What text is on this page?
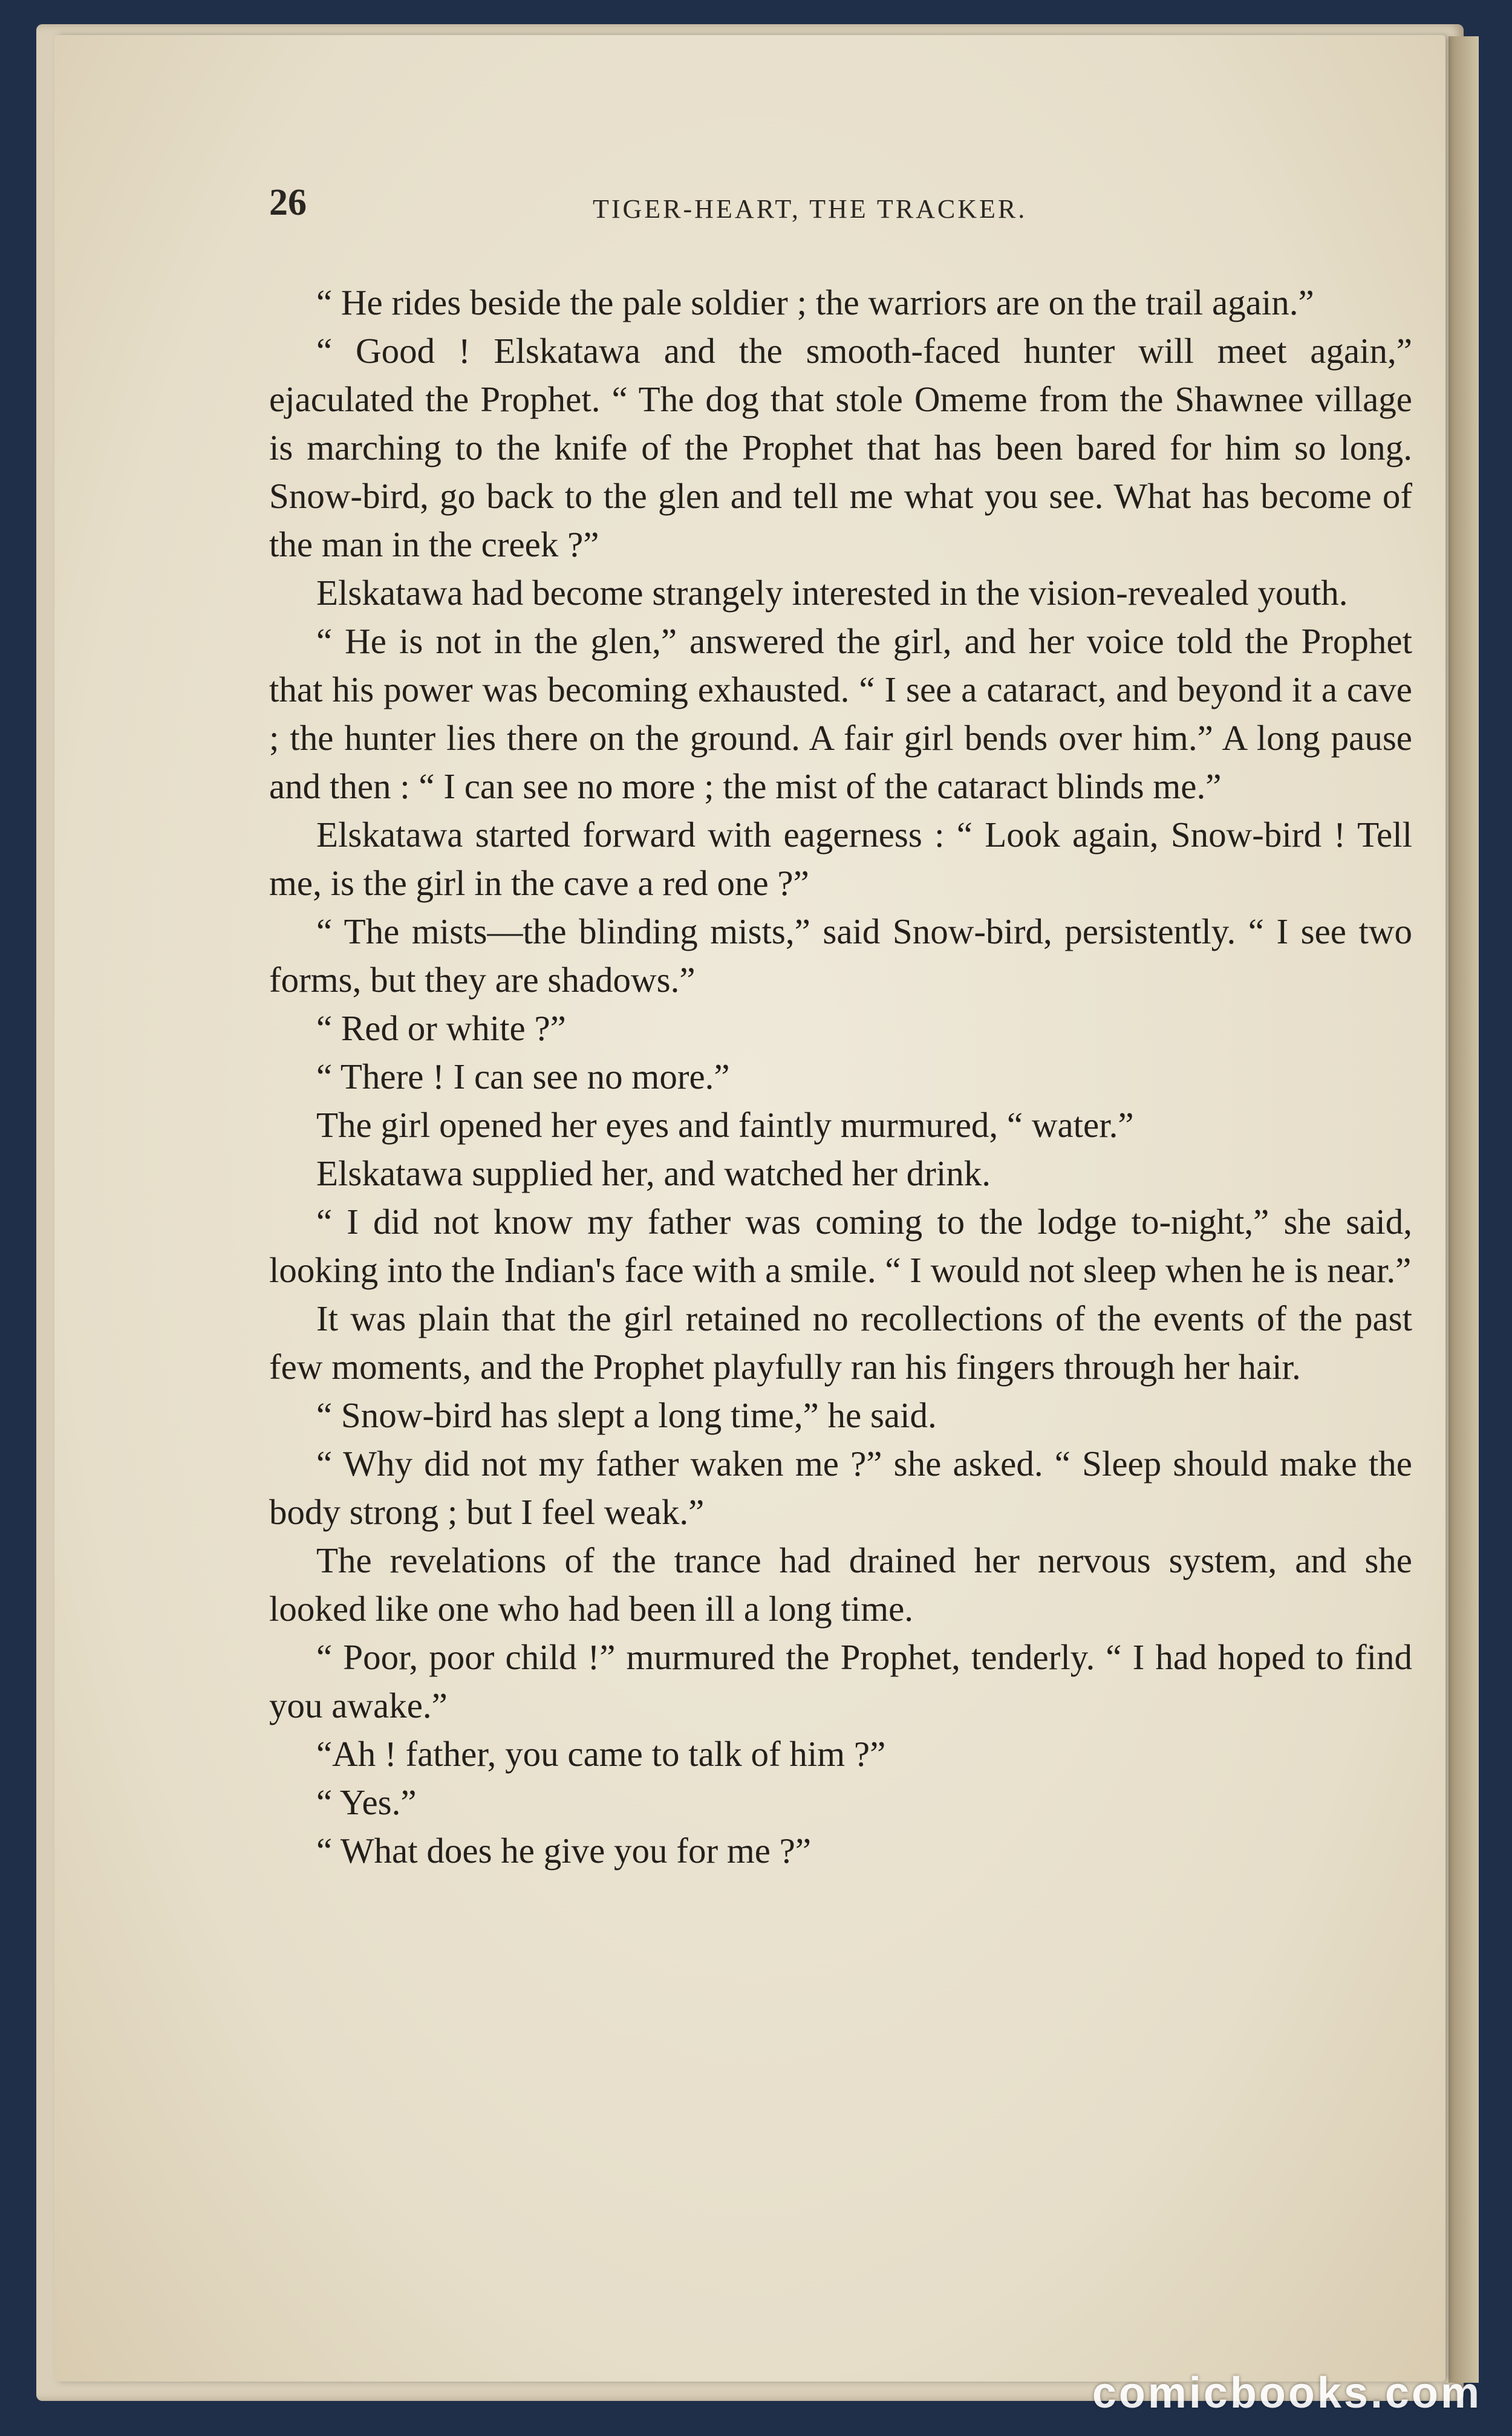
26	TIGER-HEART, THE TRACKER.

“ He rides beside the pale soldier ; the warriors are on the trail again.”

“ Good ! Elskatawa and the smooth-faced hunter will meet again,” ejaculated the Prophet. “ The dog that stole Omeme from the Shawnee village is marching to the knife of the Prophet that has been bared for him so long. Snow-bird, go back to the glen and tell me what you see. What has become of the man in the creek ?”

Elskatawa had become strangely interested in the vision-revealed youth.

“ He is not in the glen,” answered the girl, and her voice told the Prophet that his power was becoming exhausted. “ I see a cataract, and beyond it a cave ; the hunter lies there on the ground. A fair girl bends over him.” A long pause and then : “ I can see no more ; the mist of the cataract blinds me.”

Elskatawa started forward with eagerness : “ Look again, Snow-bird ! Tell me, is the girl in the cave a red one ?”

“ The mists—the blinding mists,” said Snow-bird, persistently. “ I see two forms, but they are shadows.”

“ Red or white ?”

“ There ! I can see no more.”

The girl opened her eyes and faintly murmured, “ water.”

Elskatawa supplied her, and watched her drink.

“ I did not know my father was coming to the lodge to-night,” she said, looking into the Indian's face with a smile. “ I would not sleep when he is near.”

It was plain that the girl retained no recollections of the events of the past few moments, and the Prophet playfully ran his fingers through her hair.

“ Snow-bird has slept a long time,” he said.

“ Why did not my father waken me ?” she asked. “ Sleep should make the body strong ; but I feel weak.”

The revelations of the trance had drained her nervous system, and she looked like one who had been ill a long time.

“ Poor, poor child !” murmured the Prophet, tenderly. “ I had hoped to find you awake.”

“Ah ! father, you came to talk of him ?”

“ Yes.”

“ What does he give you for me ?”

comicbooks.com
